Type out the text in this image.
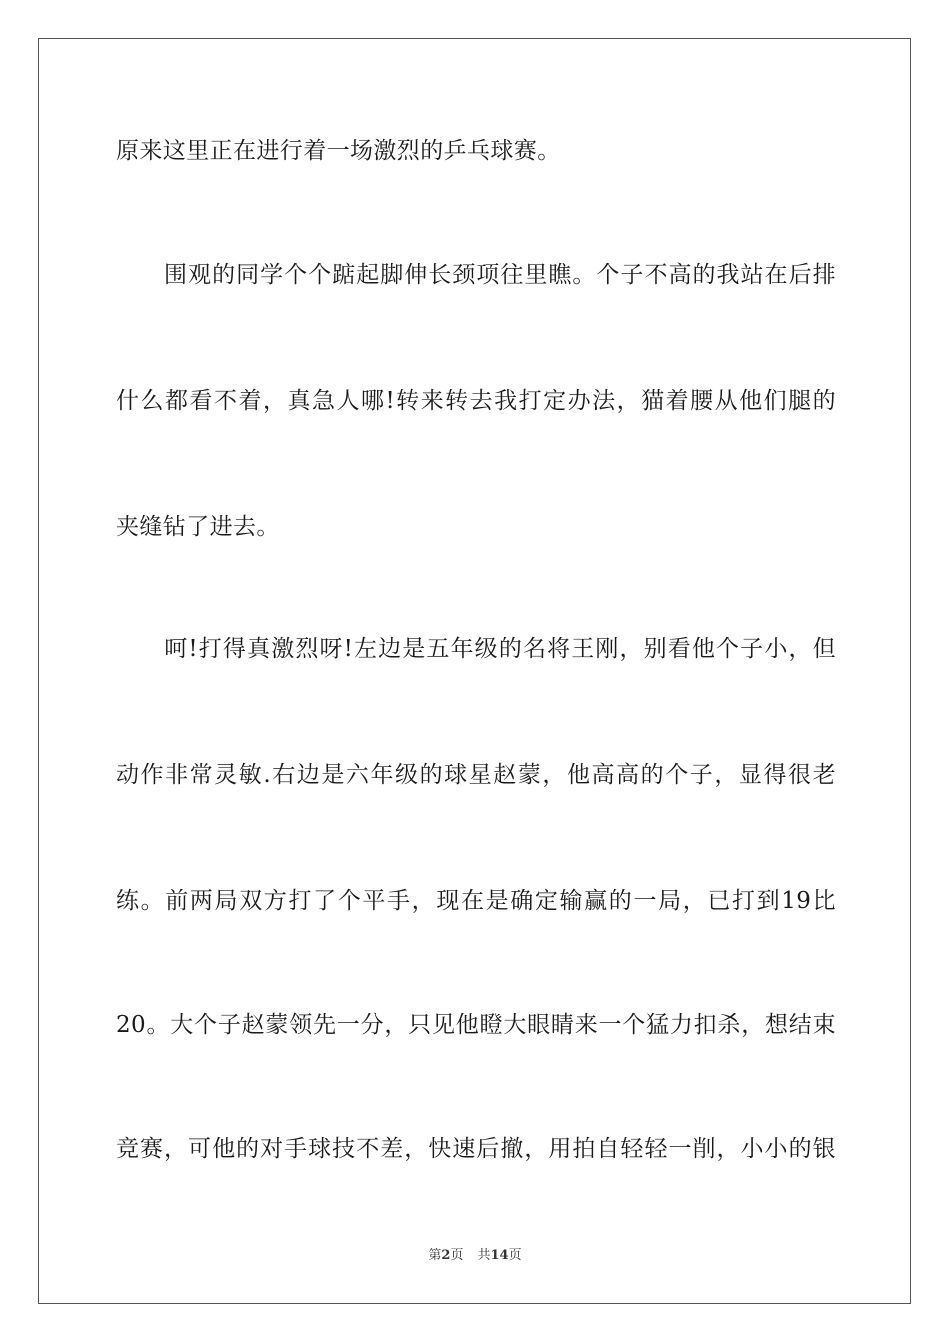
原来这里正在进行着一场激烈的乒乓球赛。
　　围观的同学个个踮起脚伸长颈项往里瞧。个子不高的我站在后排
什么都看不着，真急人哪!转来转去我打定办法，猫着腰从他们腿的
夹缝钻了进去。
　　呵!打得真激烈呀!左边是五年级的名将王刚，别看他个子小，但
动作非常灵敏.右边是六年级的球星赵蒙，他高高的个子，显得很老
练。前两局双方打了个平手，现在是确定输赢的一局，已打到19比
20。大个子赵蒙领先一分，只见他瞪大眼睛来一个猛力扣杀，想结束
竞赛，可他的对手球技不差，快速后撤，用拍自轻轻一削，小小的银
第2页 共14页
